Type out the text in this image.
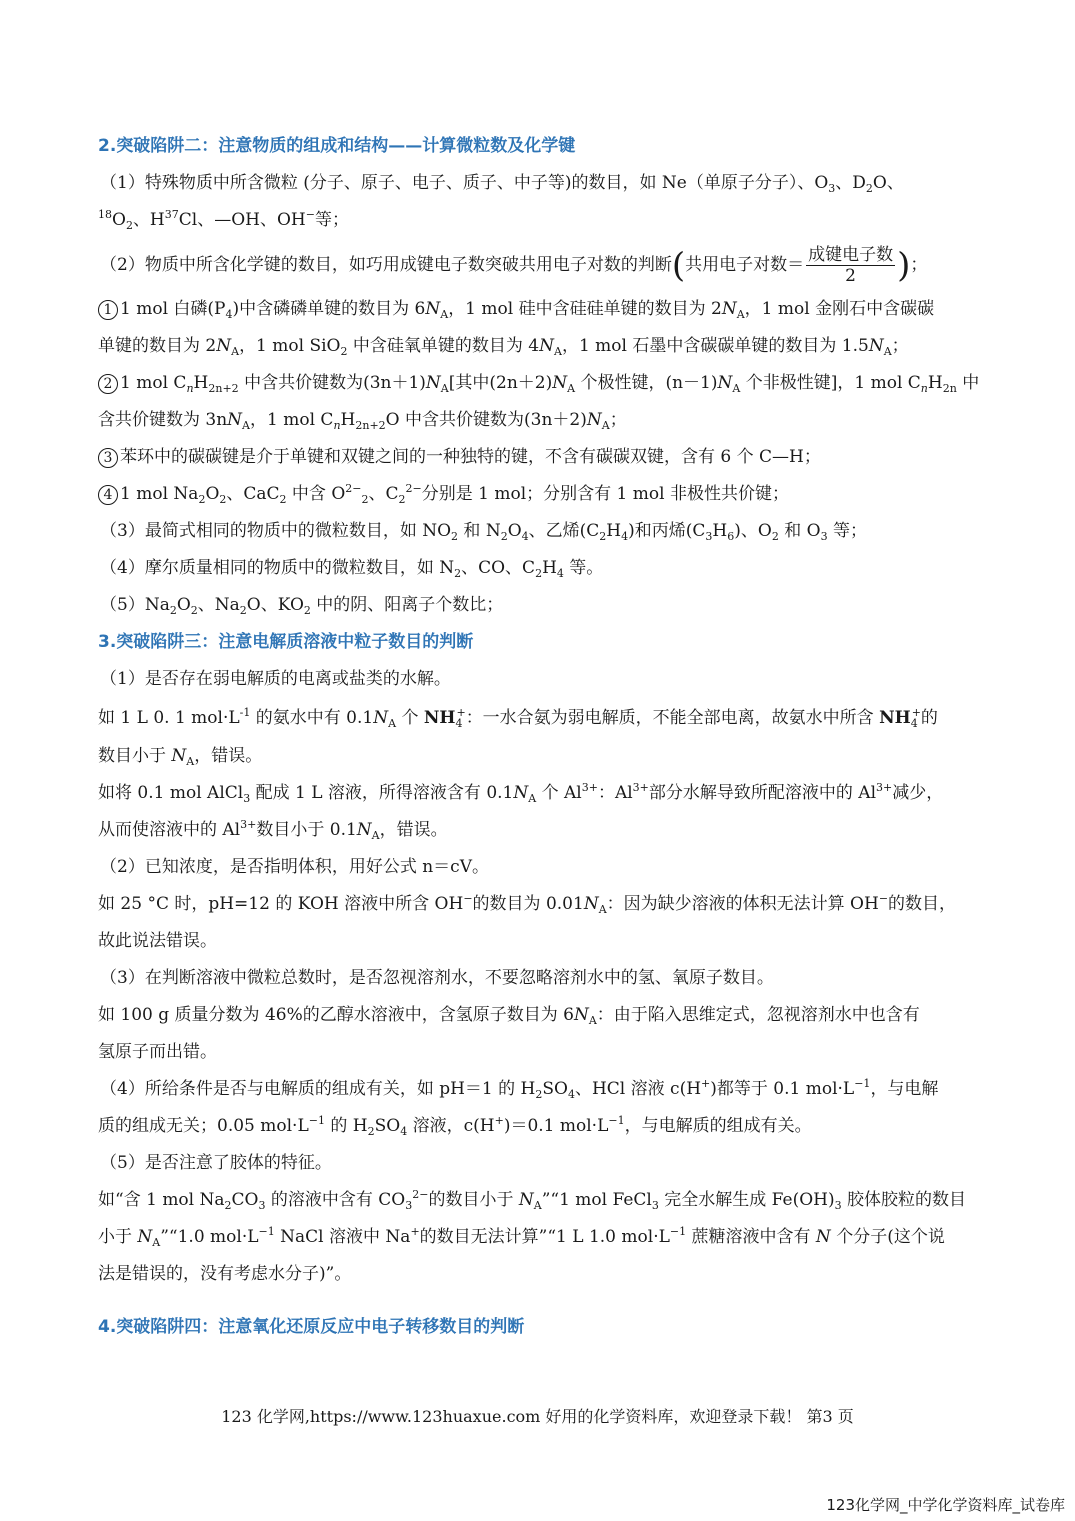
2.突破陷阱二：注意物质的组成和结构——计算微粒数及化学键
（1）特殊物质中所含微粒 (分子、原子、电子、质子、中子等)的数目，如 Ne（单原子分子）、$O_3$、$D_2O$、
$^{18}O_2$、$H^{37}Cl$、—OH、OH−等；
（2）物质中所含化学键的数目，如巧用成键电子数突破共用电子对数的判断(共用电子对数＝ $\frac{\text{成键电子数}}{2}$ )；
1 1 mol 白磷$(P_4)$中含磷磷单键的数目为 $6N_A$，1 mol 硅中含硅硅单键的数目为 $2N_A$，1 mol 金刚石中含碳碳
单键的数目为 $2N_A$，1 mol SiO$_2$ 中含硅氧单键的数目为 $4N_A$，1 mol 石墨中含碳碳单键的数目为 $1.5N_A$；
2 1 mol $C_nH_{2n+2}$ 中含共价键数为$(3n+1)N_A$[其中$(2n+2)N_A$ 个极性键，$(n-1)N_A$ 个非极性键]，1 mol $C_nH_{2n}$ 中
含共价键数为 $3nN_A$，1 mol $C_nH_{2n+2}O$ 中含共价键数为$(3n+2)N_A$；
3 苯环中的碳碳键是介于单键和双键之间的一种独特的键，不含有碳碳双键，含有 6 个 C—H；
4 1 mol $Na_2O_2$、CaC$_2$ 中含 $O^{2-}_2$、$C_2^{2-}$分别是 1 mol；分别含有 1 mol 非极性共价键；
（3）最简式相同的物质中的微粒数目，如 $NO_2$ 和 $N_2O_4$、乙烯$(C_2H_4)$和丙烯$(C_3H_6)$、$O_2$ 和 $O_3$ 等；
（4）摩尔质量相同的物质中的微粒数目，如 $N_2$、CO、$C_2H_4$ 等。
$(5)Na_2O_2$、$Na_2O$、$KO_2$ 中的阴、阳离子个数比；
3.突破陷阱三：注意电解质溶液中粒子数目的判断
（1）是否存在弱电解质的电离或盐类的水解。
如 1 L 0. 1 $mol\cdot L^{-1}$ 的氨水中有 $0.1N_A$ 个 $NH_4^+$：一水合氨为弱电解质，不能全部电离，故氨水中所含 $NH_4^+$的
数目小于 $N_A$，错误。
如将 0.1 mol AlCl$_3$ 配成 1 L 溶液，所得溶液含有 $0.1N_A$ 个 $Al^{3+}$：$Al^{3+}$部分水解导致所配溶液中的 $Al^{3+}$减少，
从而使溶液中的 $Al^{3+}$数目小于 $0.1N_A$，错误。
（2）已知浓度，是否指明体积，用好公式 n＝cV。
如 25 °C 时，pH=12 的 KOH 溶液中所含 OH−的数目为 $0.01N_A$：因为缺少溶液的体积无法计算 OH−的数目，
故此说法错误。
（3）在判断溶液中微粒总数时，是否忽视溶剂水，不要忽略溶剂水中的氢、氧原子数目。
如 100 g 质量分数为 46%的乙醇水溶液中，含氢原子数目为 $6N_A$：由于陷入思维定式，忽视溶剂水中也含有
氢原子而出错。
（4）所给条件是否与电解质的组成有关，如 pH＝1 的 $H_2SO_4$、HCl 溶液 c(H+)都等于 0.1 $mol\cdot L^{-1}$，与电解
质的组成无关；0.05 $mol\cdot L^{-1}$ 的 $H_2SO_4$ 溶液，c(H+)＝0.1 $mol\cdot L^{-1}$，与电解质的组成有关。
（5）是否注意了胶体的特征。
如“含 1 mol $Na_2CO_3$ 的溶液中含有 $CO_3^{2-}$的数目小于 $N_A”“1$ mol FeCl$_3$ 完全水解生成 $Fe(OH)_3$ 胶体胶粒的数目
小于 $N_A”“1.0$ $mol\cdot L^{-1}$ NaCl 溶液中 Na+的数目无法计算”“1 L 1.0 $mol\cdot L^{-1}$ 蔗糖溶液中含有 N 个分子(这个说
法是错误的，没有考虑水分子)”。
4.突破陷阱四：注意氧化还原反应中电子转移数目的判断
123 化学网,https://www.123huaxue.com 好用的化学资料库，欢迎登录下载！ 第3 页
123化学网_中学化学资料库_试卷库
